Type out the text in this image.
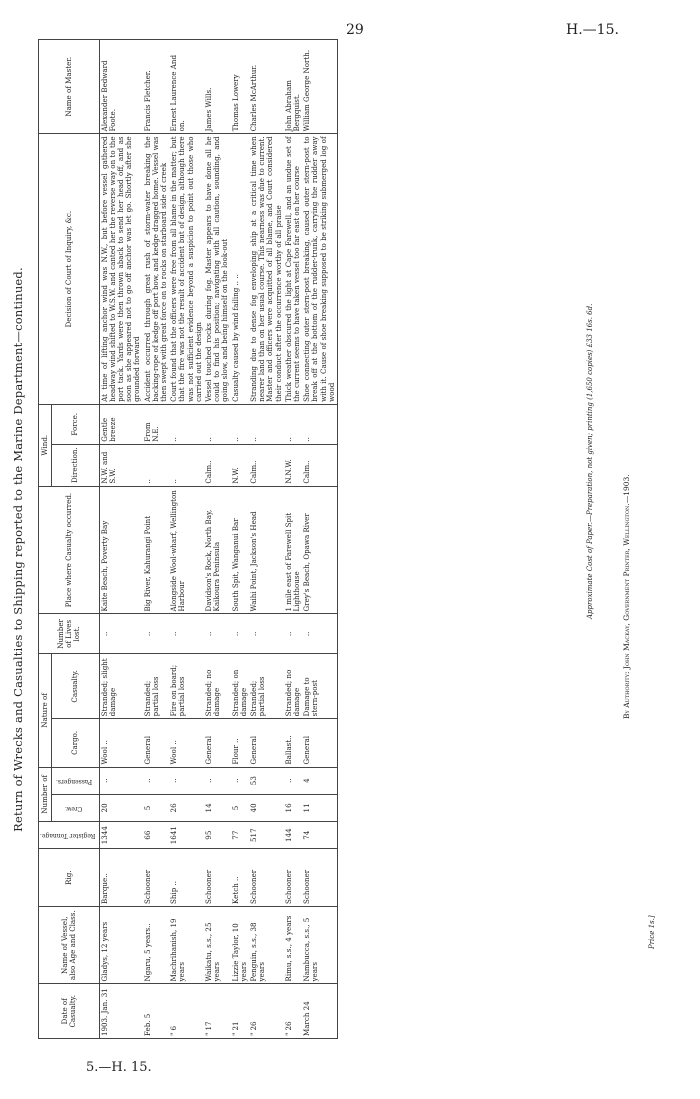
29	H.—15.
5.—H. 15.
Return of Wrecks and Casualties to Shipping reported to the Marine Department—continued.
Date of Casualty.	Name of Vessel, also Age and Class.	Rig.	Register Tonnage.	Number of		Nature of		Number of Lives lost.	Place where Casualty occurred.	Wind.		Decision of Court of Inquiry, &c.	Name of Master.
				Crew.	Passengers.	Cargo.	Casualty.			Direction.	Force.		
1903. Jan. 31	Gladys, 12 years	Barque..	1344	20	..	Wool ..	Stranded; slight damage	..	Kaite Beach, Poverty Bay	N.W. and S.W.	Gentle breeze	At time of lifting anchor wind was N.W., but before vessel gathered headway wind shifted to W.S.W. and canted her the reverse way on to the port tack. Yards were then thrown aback to send her head off, and as soon as she appeared not to go off anchor was let go. Shortly after she grounded forward	Alexander Bedward Foote.
Feb. 5	Ngaru, 5 years..	Schooner	66	5	..	General	Stranded; partial loss	..	Big River, Kahurangi Point	..	From N.E.	Accident occurred through great rush of storm-water breaking the backing-rope of kedge off port bow, and kedge dragged home. Vessel was then swept with great force on to rocks on starboard side of creek	Francis Fletcher.
" 6	Machrihanish, 19 years	Ship ..	1641	26	..	Wool ..	Fire on board; partial loss	..	Alongside Wool-wharf, Wellington Harbour	..	..	Court found that the officers were free from all blame in the matter; but that the fire was not the result of accident but of design, although there was not sufficient evidence beyond a suspicion to point out those who carried out the design	Ernest Laurence And on.
" 17	Waikatu, s.s., 25 years	Schooner	95	14	..	General	Stranded; no damage	..	Davidson's Rock, North Bay, Kaikoura Peninsula	Calm..	..	Vessel touched rocks during fog. Master appears to have done all he could to find his position; navigating with all caution, sounding, and going slow, and being himself on the look-out	James Wills.
" 21	Lizzie Taylor, 10 years	Ketch ..	77	5	..	Flour ..	Stranded; on damage	..	South Spit, Wanganui Bar	N.W.	..	Casualty caused by wind failing .. ..	Thomas Lowery
" 26	Penguin, s.s., 38 years	Schooner	517	40	53	General	Stranded; partial loss	..	Waihi Point, Jackson's Head	Calm..	..	Stranding due to dense fog enveloping ship at a critical time when nearer land than on her usual course. This nearness was due to current. Master and officers were acquitted of all blame, and Court considered their conduct after the occurrence worthy of all praise	Charles McArthur.
" 26	Rimu, s.s., 4 years	Schooner	144	16	..	Ballast..	Stranded; no damage	..	1 mile east of Farewell Spit Lighthouse	N.N.W.	..	Thick weather obscured the light at Cape Farewell, and an undue set of the current seems to have taken vessel too far east on her course	John Abraham Bergquist.
March 24	Nambucca, s.s., 5 years	Schooner	74	11	4	General	Damage to stern-post	..	Grey's Beach, Opawa River	Calm..	..	Shoe connecting outer stern-post breaking, caused outer stern-post to break off at the bottom of the rudder-trunk, carrying the rudder away with it. Cause of shoe breaking supposed to be striking submerged log of wood	William George North.
Approximate Cost of Paper.—Preparation, not given; printing (1,650 copies) £33 16s. 6d.	By Authority: John Mackay, Government Printer, Wellington.—1903.
Price 1s.]
